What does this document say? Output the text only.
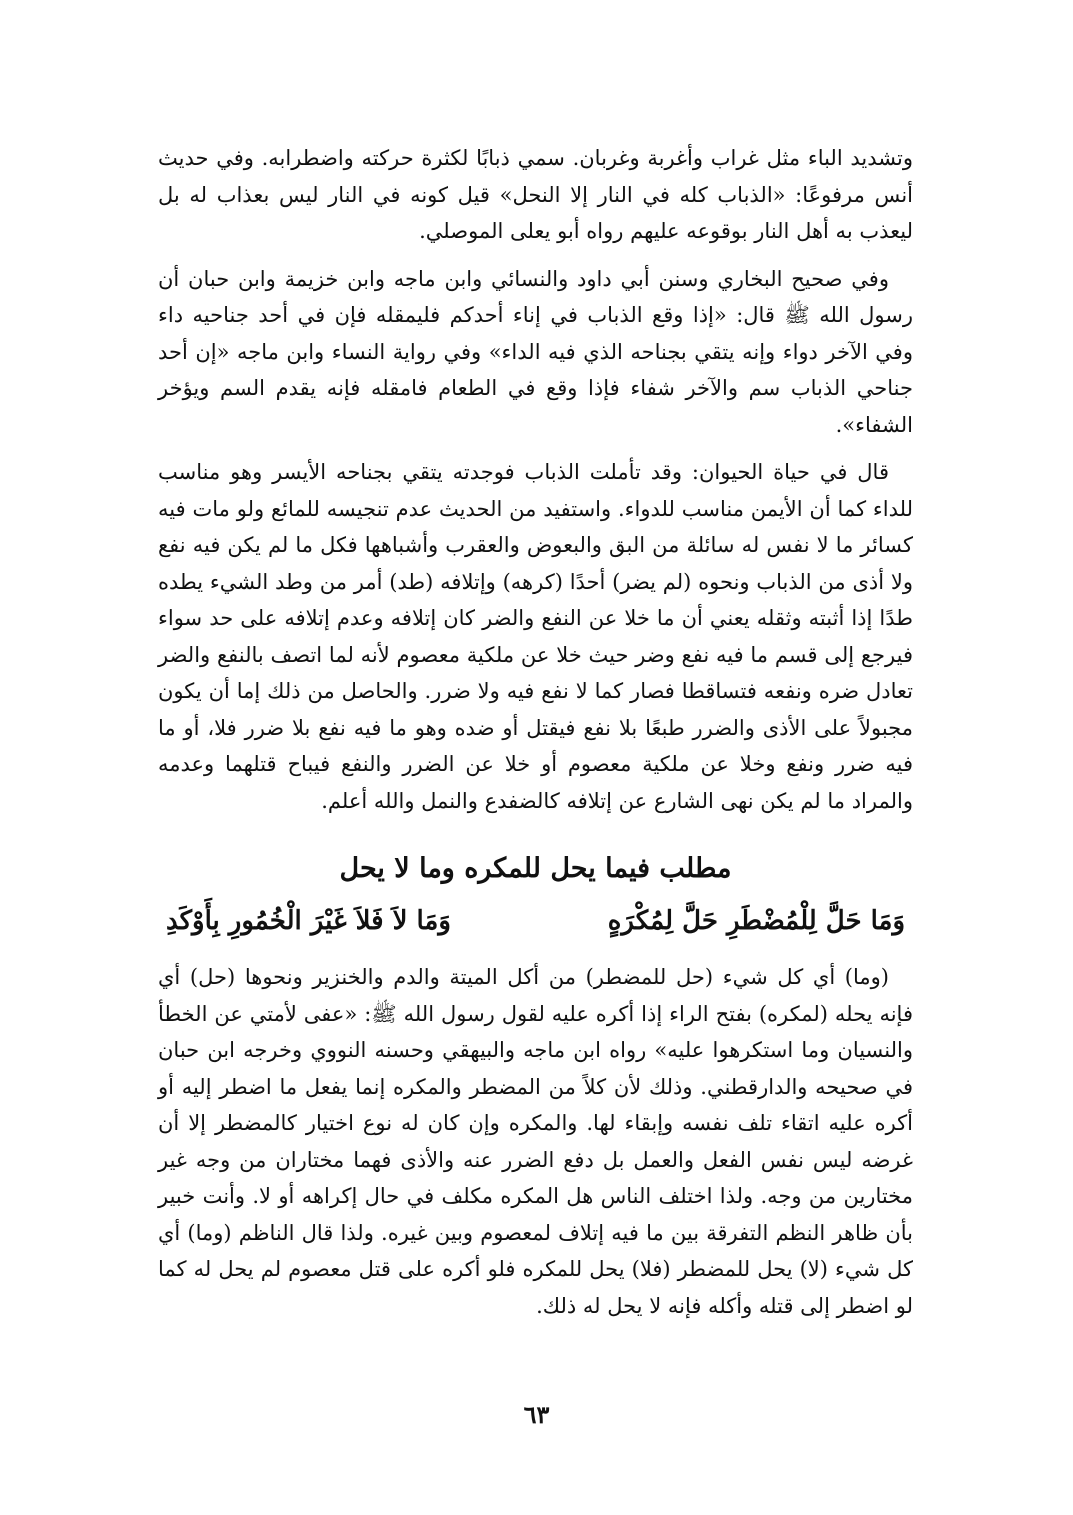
وتشديد الباء مثل غراب وأغربة وغربان. سمي ذبابًا لكثرة حركته واضطرابه. وفي حديث أنس مرفوعًا: «الذباب كله في النار إلا النحل» قيل كونه في النار ليس بعذاب له بل ليعذب به أهل النار بوقوعه عليهم رواه أبو يعلى الموصلي.

وفي صحيح البخاري وسنن أبي داود والنسائي وابن ماجه وابن خزيمة وابن حبان أن رسول الله ﷺ قال: «إذا وقع الذباب في إناء أحدكم فليمقله فإن في أحد جناحيه داء وفي الآخر دواء وإنه يتقي بجناحه الذي فيه الداء» وفي رواية النساء وابن ماجه «إن أحد جناحي الذباب سم والآخر شفاء فإذا وقع في الطعام فامقله فإنه يقدم السم ويؤخر الشفاء».

قال في حياة الحيوان: وقد تأملت الذباب فوجدته يتقي بجناحه الأيسر وهو مناسب للداء كما أن الأيمن مناسب للدواء. واستفيد من الحديث عدم تنجيسه للمائع ولو مات فيه كسائر ما لا نفس له سائلة من البق والبعوض والعقرب وأشباهها فكل ما لم يكن فيه نفع ولا أذى من الذباب ونحوه (لم يضر) أحدًا (كرهه) وإتلافه (طد) أمر من وطد الشيء يطده طدًا إذا أثبته وثقله يعني أن ما خلا عن النفع والضر كان إتلافه وعدم إتلافه على حد سواء فيرجع إلى قسم ما فيه نفع وضر حيث خلا عن ملكية معصوم لأنه لما اتصف بالنفع والضر تعادل ضره ونفعه فتساقطا فصار كما لا نفع فيه ولا ضرر. والحاصل من ذلك إما أن يكون مجبولاً على الأذى والضرر طبعًا بلا نفع فيقتل أو ضده وهو ما فيه نفع بلا ضرر فلا، أو ما فيه ضرر ونفع وخلا عن ملكية معصوم أو خلا عن الضرر والنفع فيباح قتلهما وعدمه والمراد ما لم يكن نهى الشارع عن إتلافه كالضفدع والنمل والله أعلم.

مطلب فيما يحل للمكره وما لا يحل
وَمَا حَلَّ لِلْمُضْطَرِ حَلَّ لِمُكْرَهٍ
وَمَا لاَ فَلاَ غَيْرَ الْخُمُورِ بِأَوْكَدِ

(وما) أي كل شيء (حل للمضطر) من أكل الميتة والدم والخنزير ونحوها (حل) أي فإنه يحله (لمكره) بفتح الراء إذا أكره عليه لقول رسول الله ﷺ: «عفى لأمتي عن الخطأ والنسيان وما استكرهوا عليه» رواه ابن ماجه والبيهقي وحسنه النووي وخرجه ابن حبان في صحيحه والدارقطني. وذلك لأن كلاً من المضطر والمكره إنما يفعل ما اضطر إليه أو أكره عليه اتقاء تلف نفسه وإبقاء لها. والمكره وإن كان له نوع اختيار كالمضطر إلا أن غرضه ليس نفس الفعل والعمل بل دفع الضرر عنه والأذى فهما مختاران من وجه غير مختارين من وجه. ولذا اختلف الناس هل المكره مكلف في حال إكراهه أو لا. وأنت خبير بأن ظاهر النظم التفرقة بين ما فيه إتلاف لمعصوم وبين غيره. ولذا قال الناظم (وما) أي كل شيء (لا) يحل للمضطر (فلا) يحل للمكره فلو أكره على قتل معصوم لم يحل له كما لو اضطر إلى قتله وأكله فإنه لا يحل له ذلك.

٦٣
